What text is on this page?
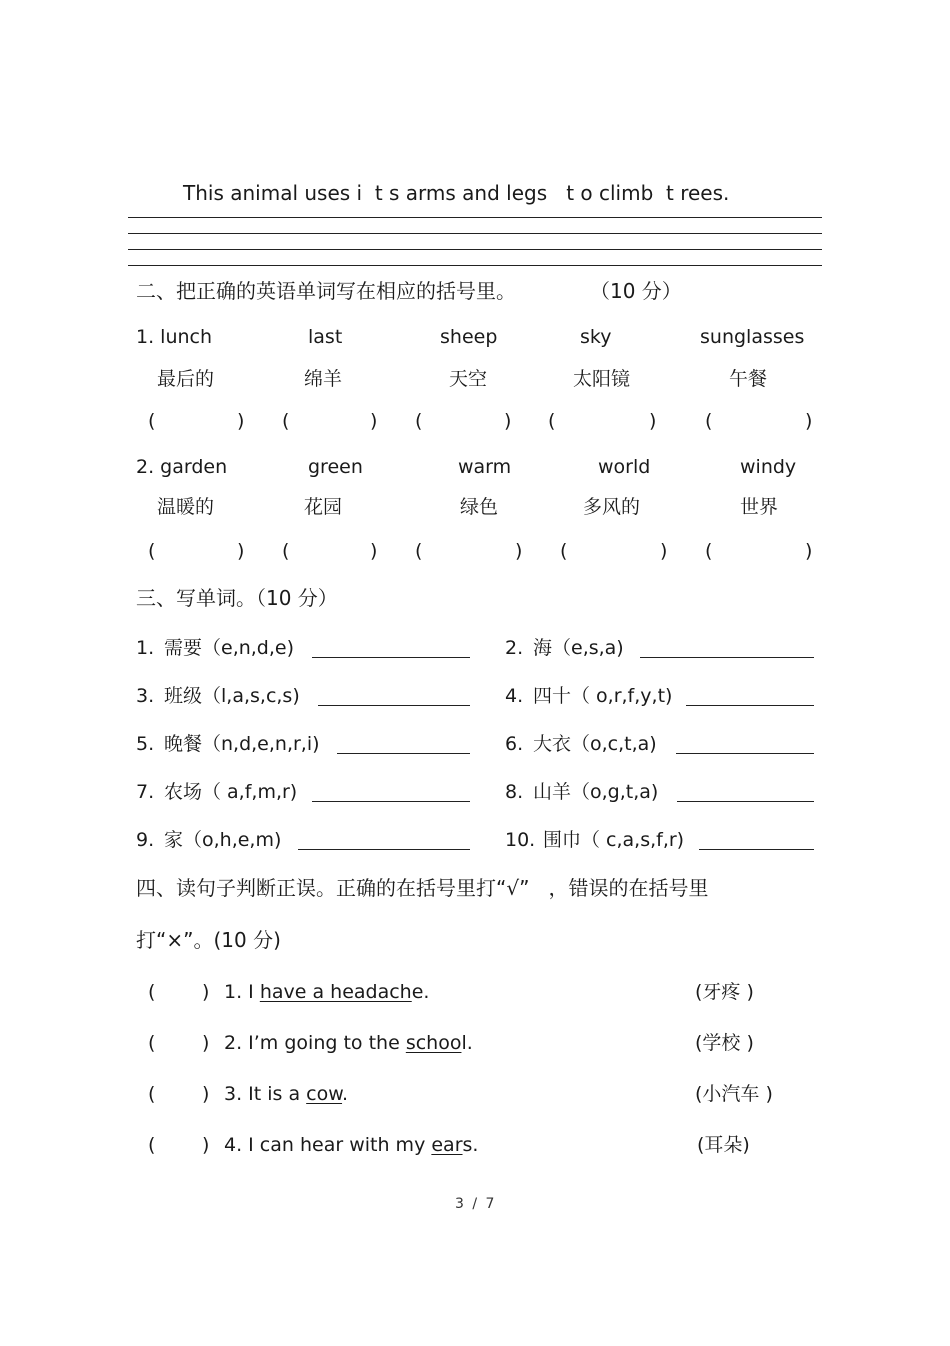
This animal uses i  t s arms and legs   t o climb  t rees.
二、把正确的英语单词写在相应的括号里。	（10 分）
1. lunch	last	sheep	sky	sunglasses
最后的	绵羊	天空	太阳镜	午餐
(	) (	) (	) (	)	(	)
2. garden	green	warm	world	windy
温暖的	花园	绿色	多风的	世界
(	) (	) (	) (	) (	)
三、写单词。（10 分）
1. 需要（e,n,d,e)	2. 海（e,s,a)
3. 班级（l,a,s,c,s)	4. 四十（ o,r,f,y,t)
5. 晚餐（n,d,e,n,r,i)	6. 大衣（o,c,t,a)
7. 农场（ a,f,m,r)	8. 山羊（o,g,t,a)
9. 家（o,h,e,m)	10. 围巾（ c,a,s,f,r)
四、读句子判断正误。正确的在括号里打“√”   ，错误的在括号里
打“×”。(10 分)
( ) 1. I have a headache.	(牙疼 )
( ) 2. I’m going to the school.	(学校 )
( ) 3. It is a cow.	(小汽车 )
( ) 4. I can hear with my ears.	(耳朵)
3 / 7
